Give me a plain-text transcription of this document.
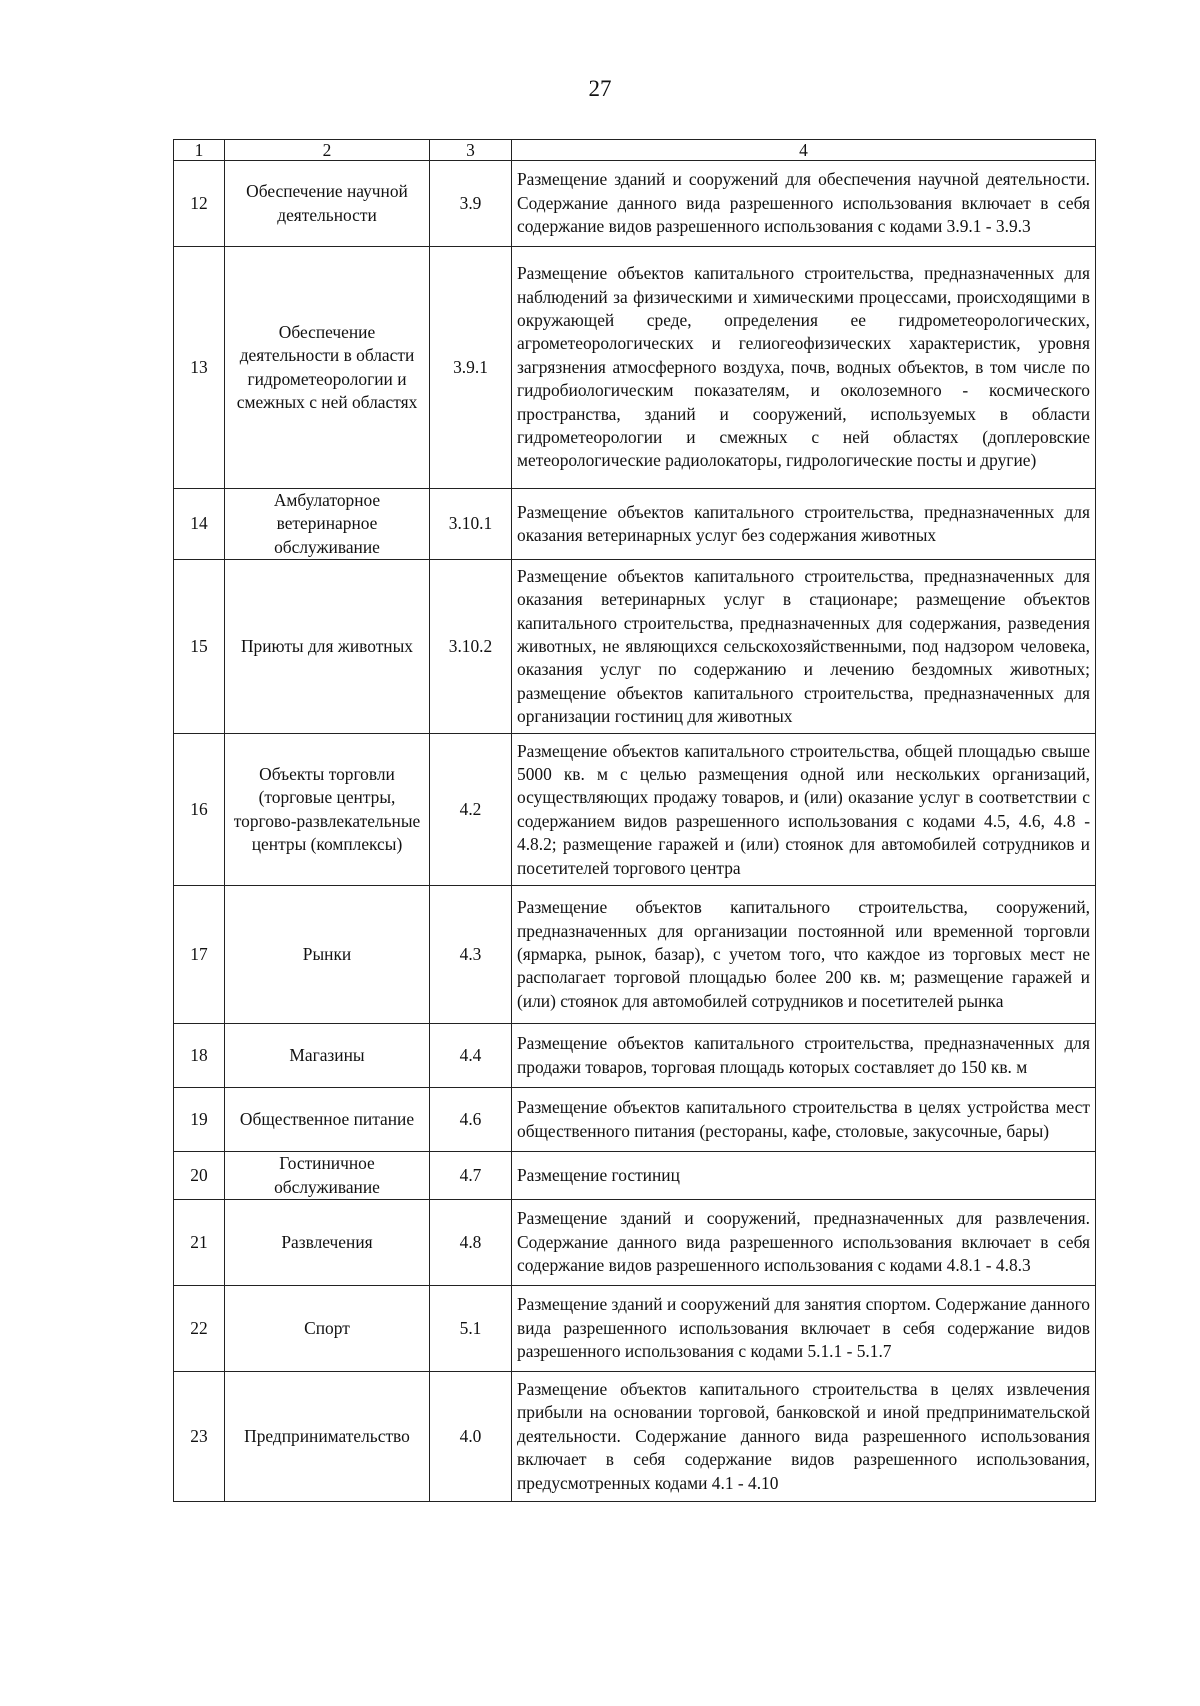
27
1	2	3	4
12	Обеспечение научной деятельности	3.9	Размещение зданий и сооружений для обеспечения научной деятельности. Содержание данного вида разрешенного использования включает в себя содержание видов разрешенного использования с кодами 3.9.1 - 3.9.3
13	Обеспечение деятельности в области гидрометеорологии и смежных с ней областях	3.9.1	Размещение объектов капитального строительства, предназначенных для наблюдений за физическими и химическими процессами, происходящими в окружающей среде, определения ее гидрометеорологических, агрометеорологических и гелиогеофизических характеристик, уровня загрязнения атмосферного воздуха, почв, водных объектов, в том числе по гидробиологическим показателям, и околоземного - космического пространства, зданий и сооружений, используемых в области гидрометеорологии и смежных с ней областях (доплеровские метеорологические радиолокаторы, гидрологические посты и другие)
14	Амбулаторное ветеринарное обслуживание	3.10.1	Размещение объектов капитального строительства, предназначенных для оказания ветеринарных услуг без содержания животных
15	Приюты для животных	3.10.2	Размещение объектов капитального строительства, предназначенных для оказания ветеринарных услуг в стационаре; размещение объектов капитального строительства, предназначенных для содержания, разведения животных, не являющихся сельскохозяйственными, под надзором человека, оказания услуг по содержанию и лечению бездомных животных; размещение объектов капитального строительства, предназначенных для организации гостиниц для животных
16	Объекты торговли (торговые центры, торгово-развлекательные центры (комплексы)	4.2	Размещение объектов капитального строительства, общей площадью свыше 5000 кв. м с целью размещения одной или нескольких организаций, осуществляющих продажу товаров, и (или) оказание услуг в соответствии с содержанием видов разрешенного использования с кодами 4.5, 4.6, 4.8 - 4.8.2; размещение гаражей и (или) стоянок для автомобилей сотрудников и посетителей торгового центра
17	Рынки	4.3	Размещение объектов капитального строительства, сооружений, предназначенных для организации постоянной или временной торговли (ярмарка, рынок, базар), с учетом того, что каждое из торговых мест не располагает торговой площадью более 200 кв. м; размещение гаражей и (или) стоянок для автомобилей сотрудников и посетителей рынка
18	Магазины	4.4	Размещение объектов капитального строительства, предназначенных для продажи товаров, торговая площадь которых составляет до 150 кв. м
19	Общественное питание	4.6	Размещение объектов капитального строительства в целях устройства мест общественного питания (рестораны, кафе, столовые, закусочные, бары)
20	Гостиничное обслуживание	4.7	Размещение гостиниц
21	Развлечения	4.8	Размещение зданий и сооружений, предназначенных для развлечения. Содержание данного вида разрешенного использования включает в себя содержание видов разрешенного использования с кодами 4.8.1 - 4.8.3
22	Спорт	5.1	Размещение зданий и сооружений для занятия спортом. Содержание данного вида разрешенного использования включает в себя содержание видов разрешенного использования с кодами 5.1.1 - 5.1.7
23	Предпринимательство	4.0	Размещение объектов капитального строительства в целях извлечения прибыли на основании торговой, банковской и иной предпринимательской деятельности. Содержание данного вида разрешенного использования включает в себя содержание видов разрешенного использования, предусмотренных кодами 4.1 - 4.10
